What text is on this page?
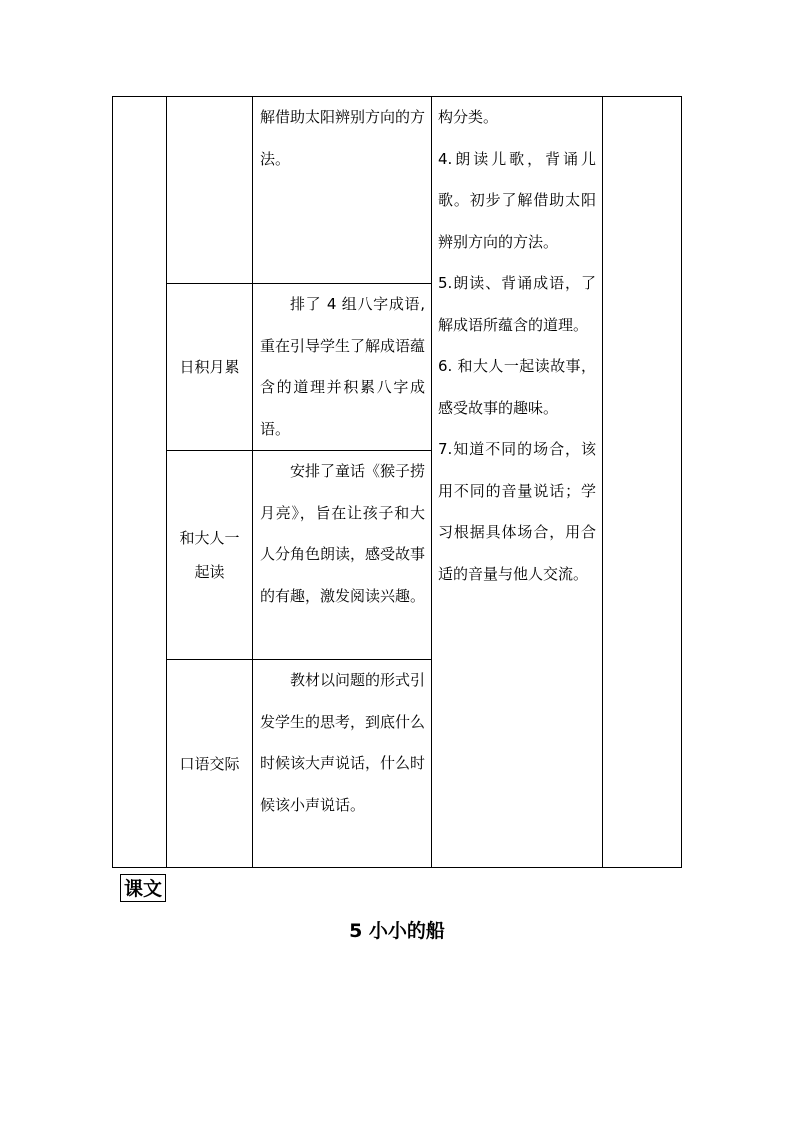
		解借助太阳辨别方向的方法。	构分类。
4.朗读儿歌，背诵儿歌。初步了解借助太阳辨别方向的方法。
5.朗读、背诵成语，了解成语所蕴含的道理。
6. 和大人一起读故事，感受故事的趣味。
7.知道不同的场合，该用不同的音量说话；学习根据具体场合，用合适的音量与他人交流。	

	日积月累	排了 4 组八字成语,重在引导学生了解成语蕴含的道理并积累八字成语。		
	和大人一起读	安排了童话《猴子捞月亮》，旨在让孩子和大人分角色朗读，感受故事的有趣，激发阅读兴趣。		
	口语交际	教材以问题的形式引发学生的思考，到底什么时候该大声说话，什么时候该小声说话。		
课文
5 小小的船
